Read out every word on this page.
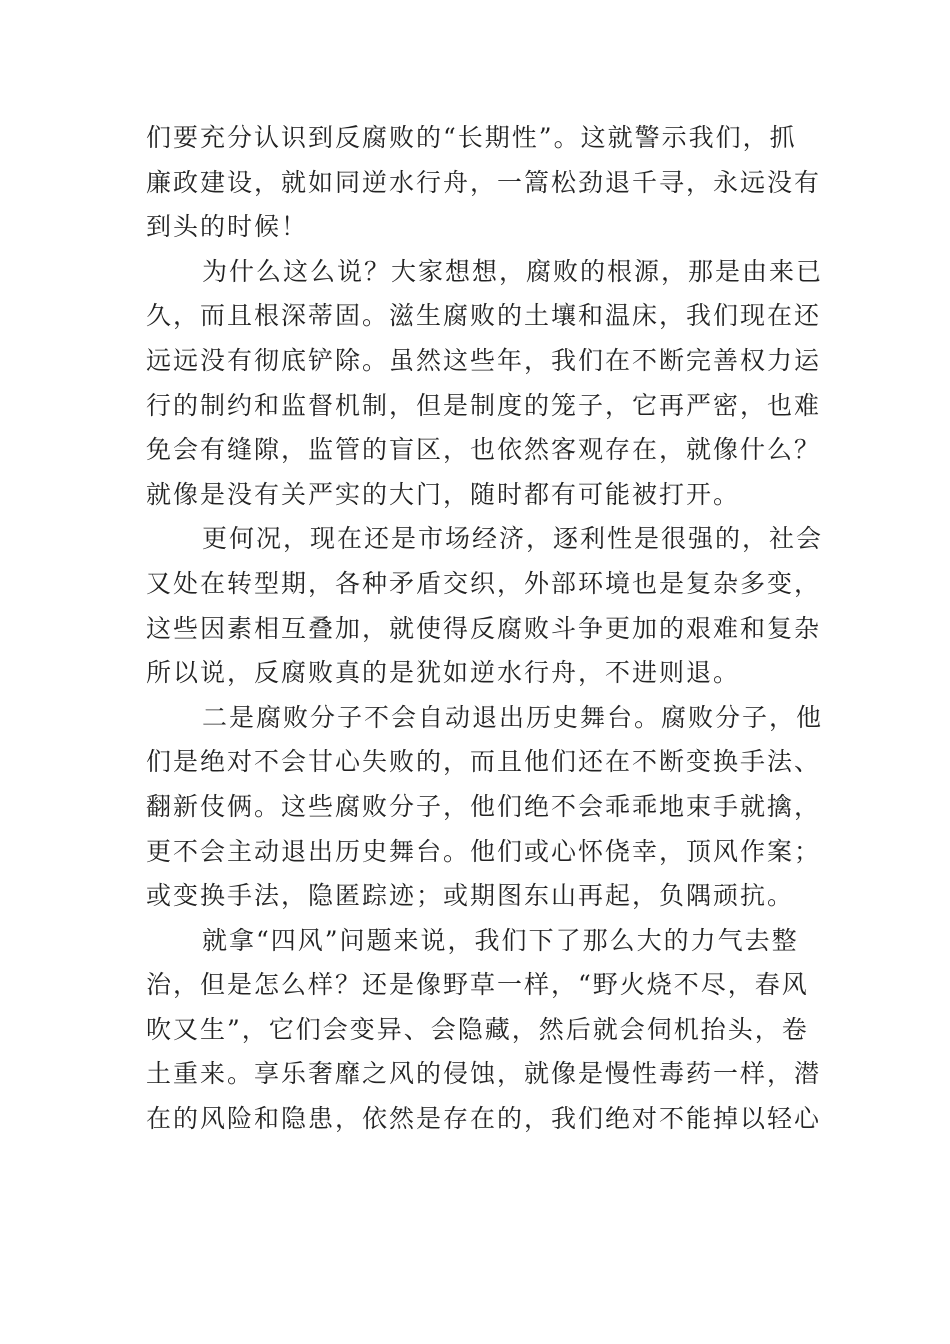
们要充分认识到反腐败的“长期性”。这就警示我们，抓
廉政建设，就如同逆水行舟，一篙松劲退千寻，永远没有
到头的时候！
为什么这么说？大家想想，腐败的根源，那是由来已
久，而且根深蒂固。滋生腐败的土壤和温床，我们现在还
远远没有彻底铲除。虽然这些年，我们在不断完善权力运
行的制约和监督机制，但是制度的笼子，它再严密，也难
免会有缝隙，监管的盲区，也依然客观存在，就像什么？
就像是没有关严实的大门，随时都有可能被打开。
更何况，现在还是市场经济，逐利性是很强的，社会
又处在转型期，各种矛盾交织，外部环境也是复杂多变，
这些因素相互叠加，就使得反腐败斗争更加的艰难和复杂
所以说，反腐败真的是犹如逆水行舟，不进则退。
二是腐败分子不会自动退出历史舞台。腐败分子，他
们是绝对不会甘心失败的，而且他们还在不断变换手法、
翻新伎俩。这些腐败分子，他们绝不会乖乖地束手就擒，
更不会主动退出历史舞台。他们或心怀侥幸，顶风作案；
或变换手法，隐匿踪迹；或期图东山再起，负隅顽抗。
就拿“四风”问题来说，我们下了那么大的力气去整
治，但是怎么样？还是像野草一样，“野火烧不尽，春风
吹又生”，它们会变异、会隐藏，然后就会伺机抬头，卷
土重来。享乐奢靡之风的侵蚀，就像是慢性毒药一样，潜
在的风险和隐患，依然是存在的，我们绝对不能掉以轻心
